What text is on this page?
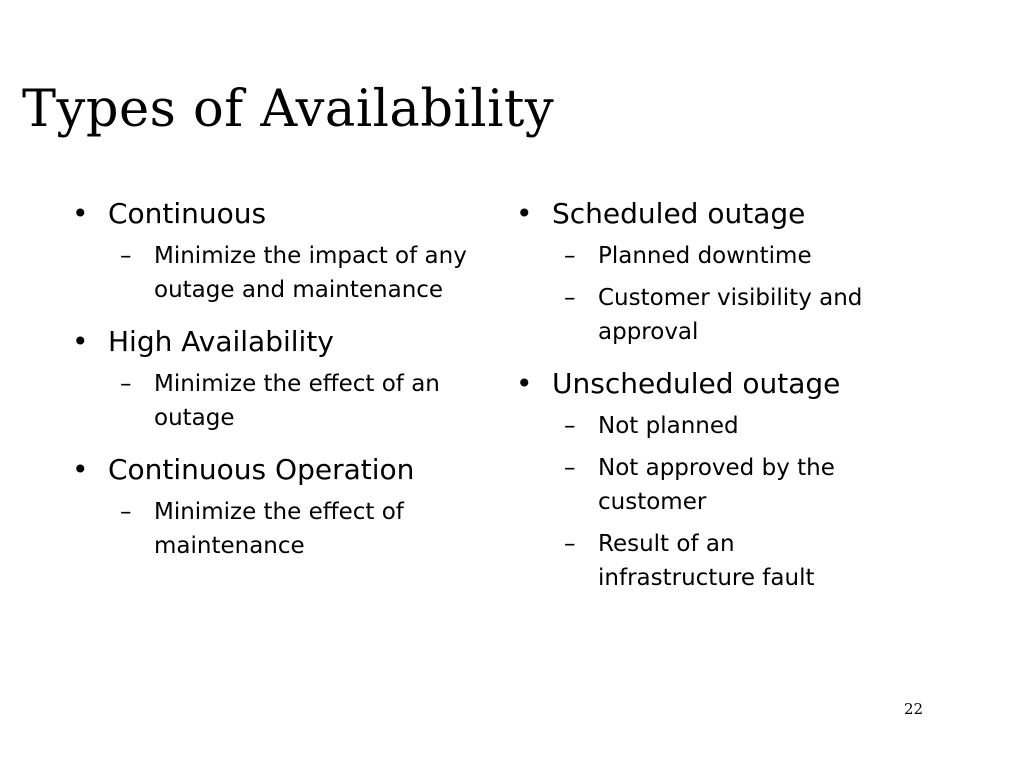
Types of Availability
• Continuous
– Minimize the impact of any outage and maintenance
• High Availability
– Minimize the effect of an outage
• Continuous Operation
– Minimize the effect of maintenance
• Scheduled outage
– Planned downtime
– Customer visibility and approval
• Unscheduled outage
– Not planned
– Not approved by the customer
– Result of an infrastructure fault
22
